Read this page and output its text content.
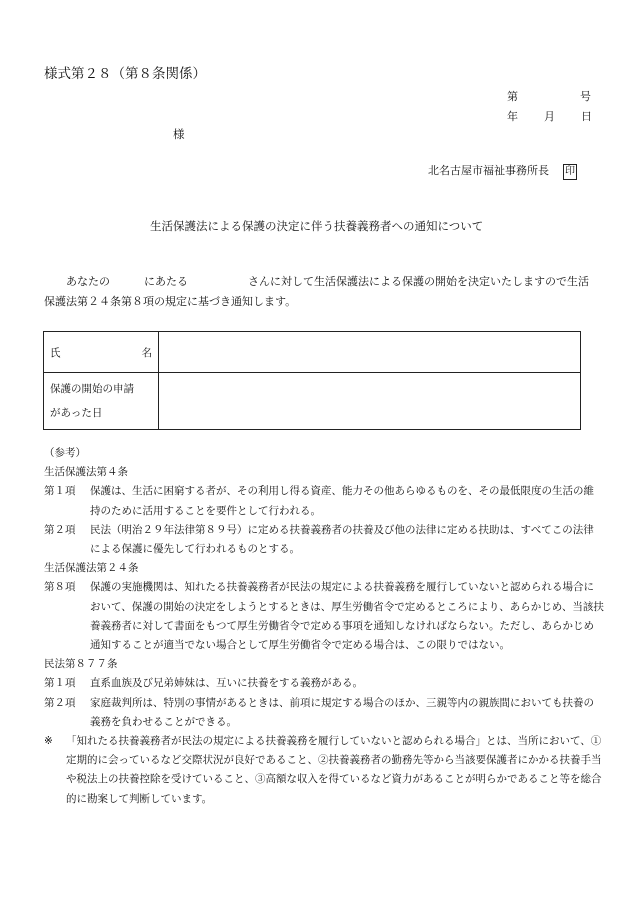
様式第２８（第８条関係）
第	号
年 月 日
様
北名古屋市福祉事務所長 印
生活保護法による保護の決定に伴う扶養義務者への通知について
あなたの	にあたる	さんに対して生活保護法による保護の開始を決定いたしますので生活保護法第２４条第８項の規定に基づき通知します。
氏 名	

保護の開始の申請
があった日	

（参考）
生活保護法第４条
第１項	保護は、生活に困窮する者が、その利用し得る資産、能力その他あらゆるものを、その最低限度の生活の維持のために活用することを要件として行われる。
第２項	民法（明治２９年法律第８９号）に定める扶養義務者の扶養及び他の法律に定める扶助は、すべてこの法律による保護に優先して行われるものとする。
生活保護法第２４条
第８項	保護の実施機関は、知れたる扶養義務者が民法の規定による扶養義務を履行していないと認められる場合において、保護の開始の決定をしようとするときは、厚生労働省令で定めるところにより、あらかじめ、当該扶養義務者に対して書面をもつて厚生労働省令で定める事項を通知しなければならない。ただし、あらかじめ通知することが適当でない場合として厚生労働省令で定める場合は、この限りではない。
民法第８７７条
第１項	直系血族及び兄弟姉妹は、互いに扶養をする義務がある。
第２項	家庭裁判所は、特別の事情があるときは、前項に規定する場合のほか、三親等内の親族間においても扶養の義務を負わせることができる。
※	「知れたる扶養義務者が民法の規定による扶養義務を履行していないと認められる場合」とは、当所において、①定期的に会っているなど交際状況が良好であること、②扶養義務者の勤務先等から当該要保護者にかかる扶養手当や税法上の扶養控除を受けていること、③高額な収入を得ているなど資力があることが明らかであること等を総合的に勘案して判断しています。
